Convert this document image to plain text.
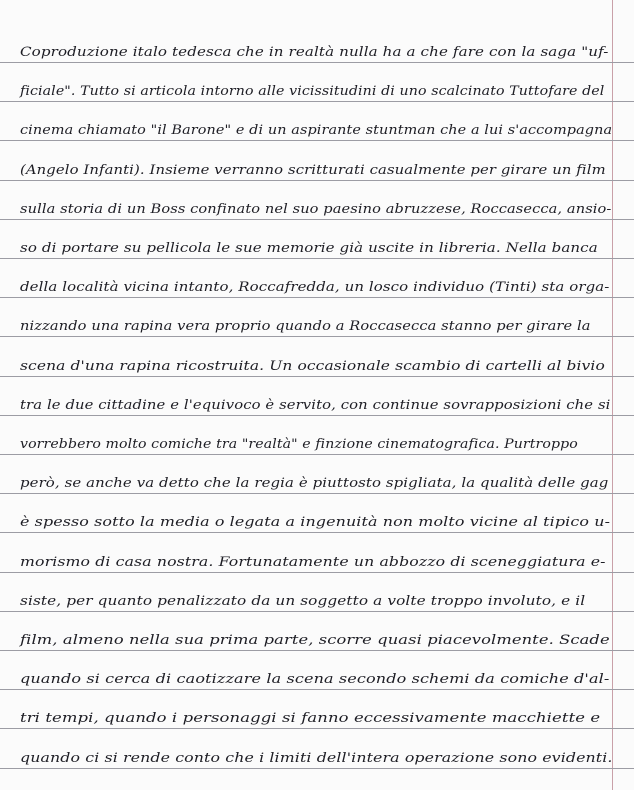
Coproduzione italo tedesca che in realtà nulla ha a che fare con la saga "uf-
ficiale". Tutto si articola intorno alle vicissitudini di uno scalcinato Tuttofare del
cinema chiamato "il Barone" e di un aspirante stuntman che a lui s'accompagna
(Angelo Infanti). Insieme verranno scritturati casualmente per girare un film
sulla storia di un Boss confinato nel suo paesino abruzzese, Roccasecca, ansio-
so di portare su pellicola le sue memorie già uscite in libreria. Nella banca
della località vicina intanto, Roccafredda, un losco individuo (Tinti) sta orga-
nizzando una rapina vera proprio quando a Roccasecca stanno per girare la
scena d'una rapina ricostruita. Un occasionale scambio di cartelli al bivio
tra le due cittadine e l'equivoco è servito, con continue sovrapposizioni che si
vorrebbero molto comiche tra "realtà" e finzione cinematografica. Purtroppo
però, se anche va detto che la regia è piuttosto spigliata, la qualità delle gag
è spesso sotto la media o legata a ingenuità non molto vicine al tipico u-
morismo di casa nostra. Fortunatamente un abbozzo di sceneggiatura e-
siste, per quanto penalizzato da un soggetto a volte troppo involuto, e il
film, almeno nella sua prima parte, scorre quasi piacevolmente. Scade
quando si cerca di caotizzare la scena secondo schemi da comiche d'al-
tri tempi, quando i personaggi si fanno eccessivamente macchiette e
quando ci si rende conto che i limiti dell'intera operazione sono evidenti.
